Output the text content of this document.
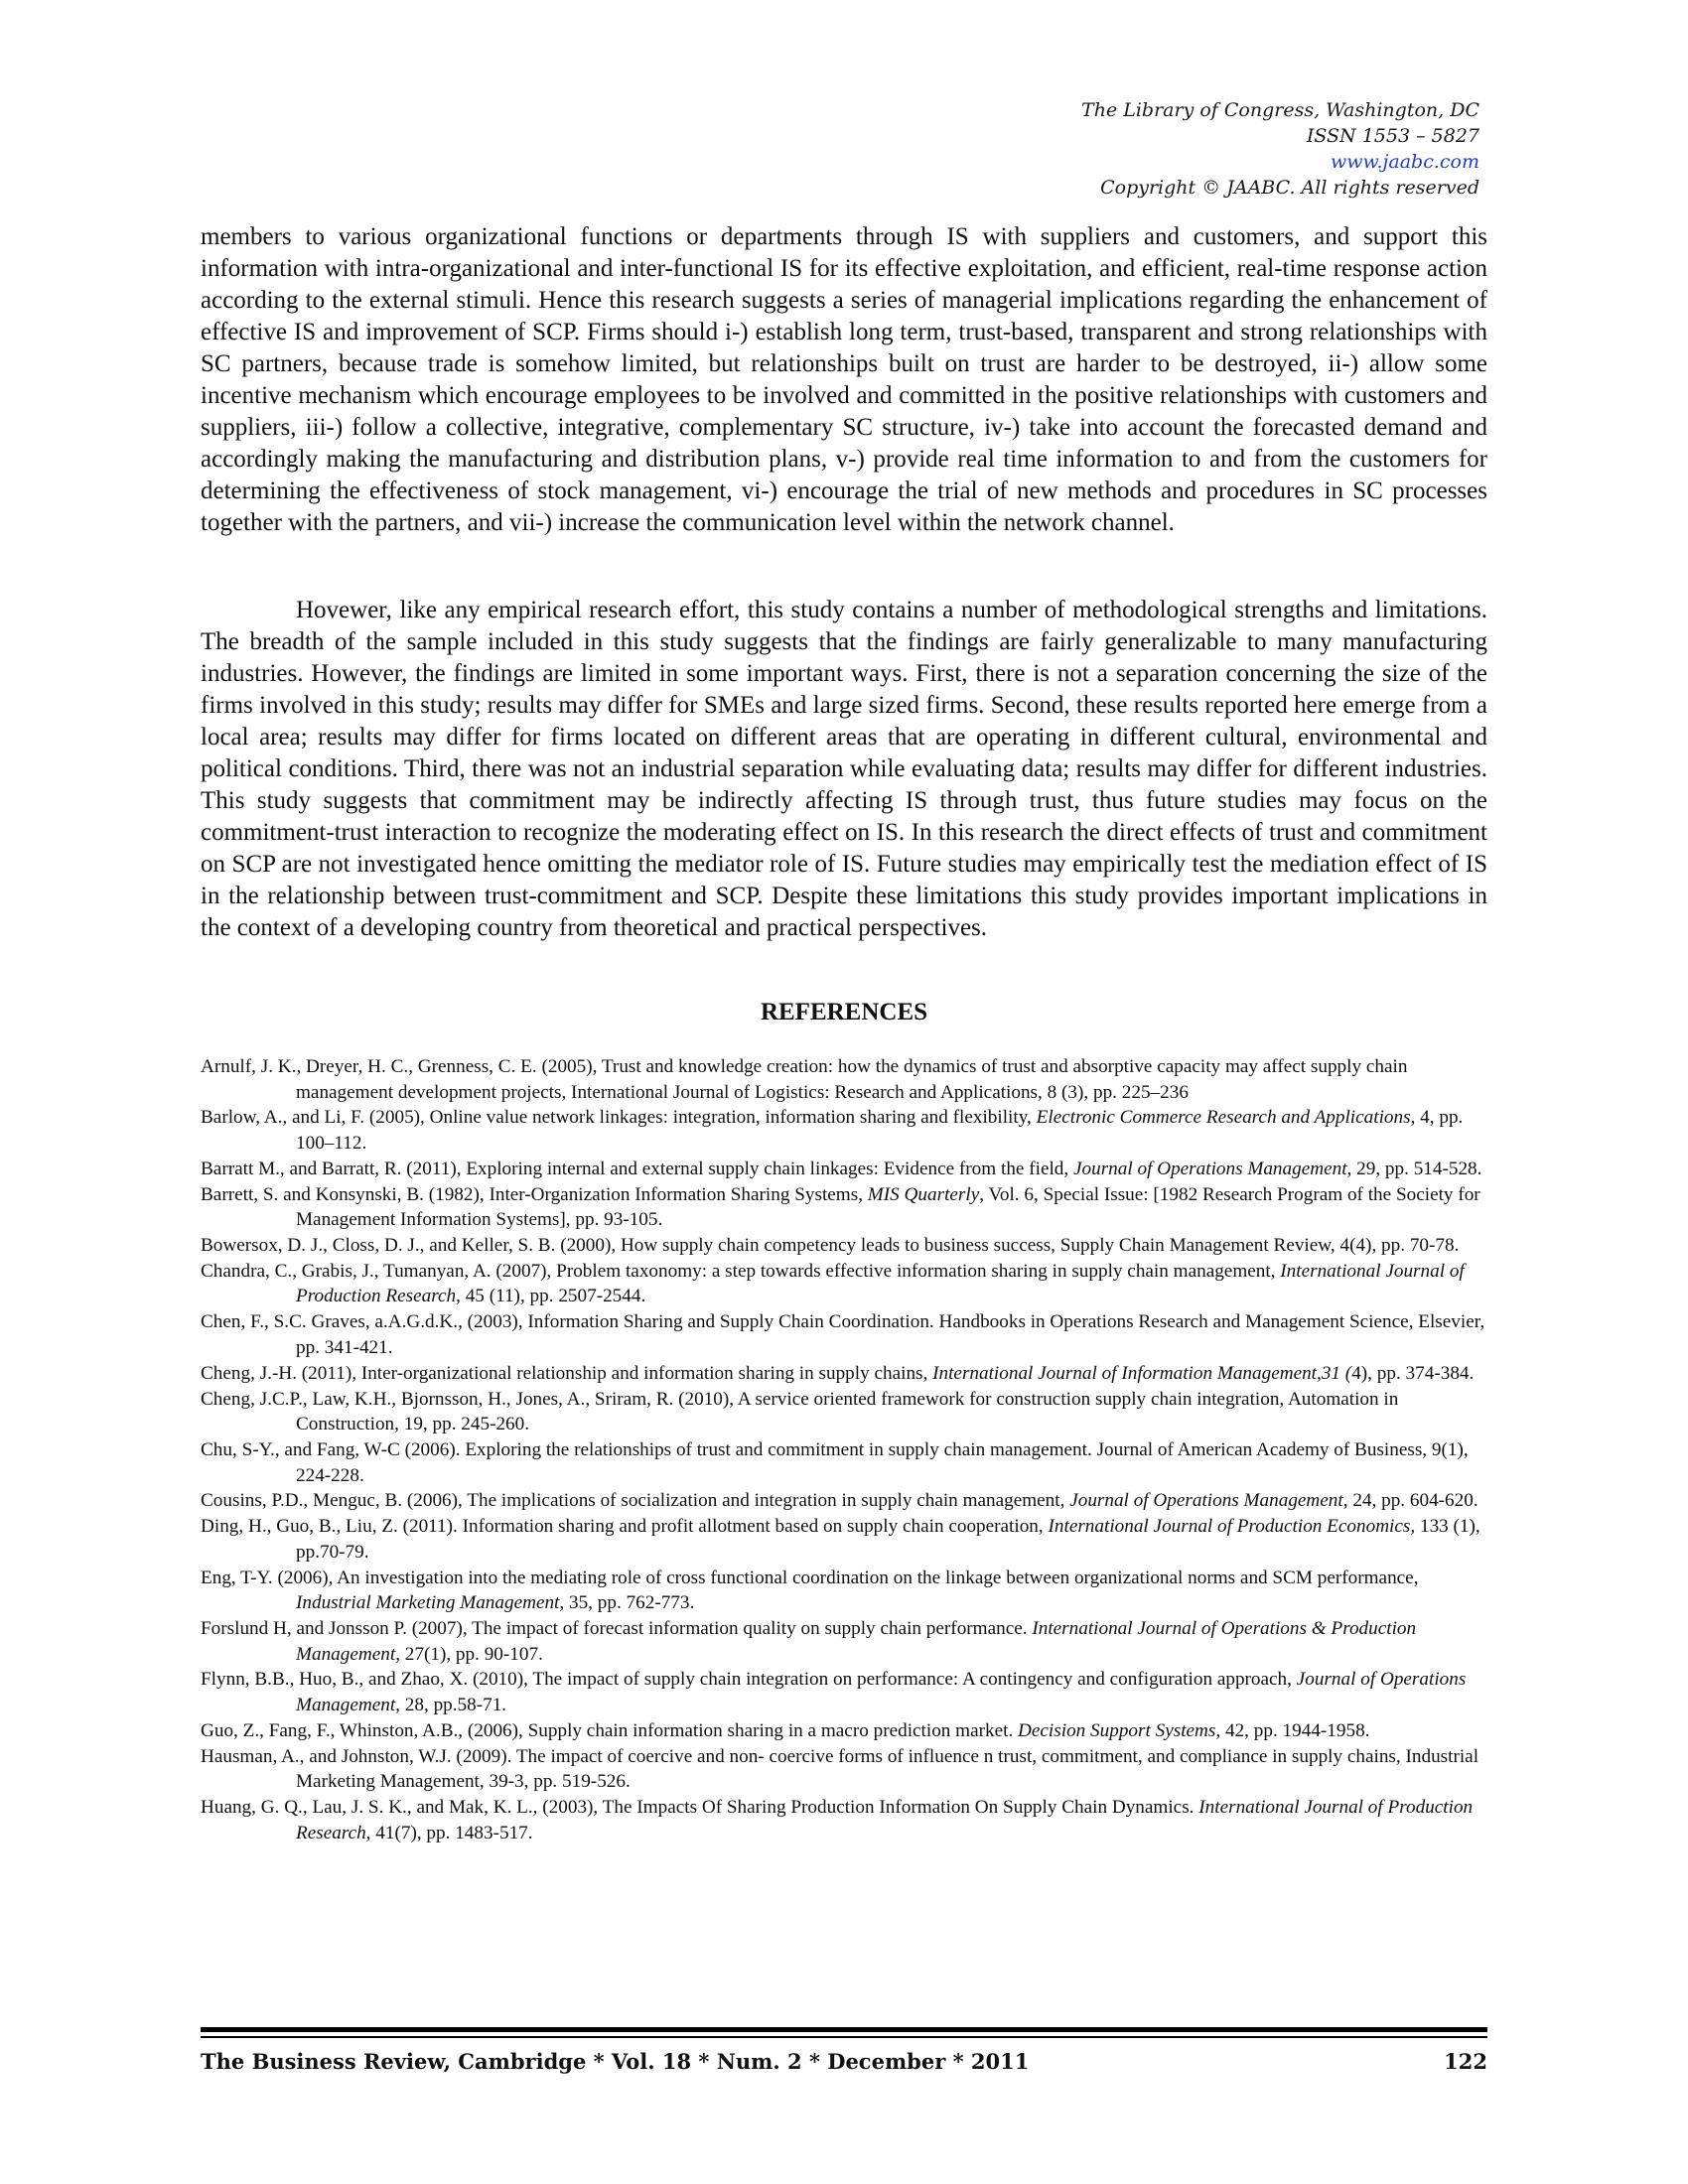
The Library of Congress, Washington, DC
ISSN 1553 – 5827
www.jaabc.com
Copyright © JAABC. All rights reserved
members to various organizational functions or departments through IS with suppliers and customers, and support this information with intra-organizational and inter-functional IS for its effective exploitation, and efficient, real-time response action according to the external stimuli. Hence this research suggests a series of managerial implications regarding the enhancement of effective IS and improvement of SCP. Firms should i-) establish long term, trust-based, transparent and strong relationships with SC partners, because trade is somehow limited, but relationships built on trust are harder to be destroyed, ii-) allow some incentive mechanism which encourage employees to be involved and committed in the positive relationships with customers and suppliers, iii-) follow a collective, integrative, complementary SC structure, iv-) take into account the forecasted demand and accordingly making the manufacturing and distribution plans, v-) provide real time information to and from the customers for determining the effectiveness of stock management, vi-) encourage the trial of new methods and procedures in SC processes together with the partners, and vii-) increase the communication level within the network channel.
Hovewer, like any empirical research effort, this study contains a number of methodological strengths and limitations. The breadth of the sample included in this study suggests that the findings are fairly generalizable to many manufacturing industries. However, the findings are limited in some important ways. First, there is not a separation concerning the size of the firms involved in this study; results may differ for SMEs and large sized firms. Second, these results reported here emerge from a local area; results may differ for firms located on different areas that are operating in different cultural, environmental and political conditions. Third, there was not an industrial separation while evaluating data; results may differ for different industries. This study suggests that commitment may be indirectly affecting IS through trust, thus future studies may focus on the commitment-trust interaction to recognize the moderating effect on IS. In this research the direct effects of trust and commitment on SCP are not investigated hence omitting the mediator role of IS. Future studies may empirically test the mediation effect of IS in the relationship between trust-commitment and SCP. Despite these limitations this study provides important implications in the context of a developing country from theoretical and practical perspectives.
REFERENCES
Arnulf, J. K., Dreyer, H. C., Grenness, C. E. (2005), Trust and knowledge creation: how the dynamics of trust and absorptive capacity may affect supply chain management development projects, International Journal of Logistics: Research and Applications, 8 (3), pp. 225–236
Barlow, A., and Li, F. (2005), Online value network linkages: integration, information sharing and flexibility, Electronic Commerce Research and Applications, 4, pp. 100–112.
Barratt M., and Barratt, R. (2011), Exploring internal and external supply chain linkages: Evidence from the field, Journal of Operations Management, 29, pp. 514-528.
Barrett, S. and Konsynski, B. (1982), Inter-Organization Information Sharing Systems, MIS Quarterly, Vol. 6, Special Issue: [1982 Research Program of the Society for Management Information Systems], pp. 93-105.
Bowersox, D. J., Closs, D. J., and Keller, S. B. (2000), How supply chain competency leads to business success, Supply Chain Management Review, 4(4), pp. 70-78.
Chandra, C., Grabis, J., Tumanyan, A. (2007), Problem taxonomy: a step towards effective information sharing in supply chain management, International Journal of Production Research, 45 (11), pp. 2507-2544.
Chen, F., S.C. Graves, a.A.G.d.K., (2003), Information Sharing and Supply Chain Coordination. Handbooks in Operations Research and Management Science, Elsevier, pp. 341-421.
Cheng, J.-H. (2011), Inter-organizational relationship and information sharing in supply chains, International Journal of Information Management,31 (4), pp. 374-384.
Cheng, J.C.P., Law, K.H., Bjornsson, H., Jones, A., Sriram, R. (2010), A service oriented framework for construction supply chain integration, Automation in Construction, 19, pp. 245-260.
Chu, S-Y., and Fang, W-C (2006). Exploring the relationships of trust and commitment in supply chain management. Journal of American Academy of Business, 9(1), 224-228.
Cousins, P.D., Menguc, B. (2006), The implications of socialization and integration in supply chain management, Journal of Operations Management, 24, pp. 604-620.
Ding, H., Guo, B., Liu, Z. (2011). Information sharing and profit allotment based on supply chain cooperation, International Journal of Production Economics, 133 (1), pp.70-79.
Eng, T-Y. (2006), An investigation into the mediating role of cross functional coordination on the linkage between organizational norms and SCM performance, Industrial Marketing Management, 35, pp. 762-773.
Forslund H, and Jonsson P. (2007), The impact of forecast information quality on supply chain performance. International Journal of Operations & Production Management, 27(1), pp. 90-107.
Flynn, B.B., Huo, B., and Zhao, X. (2010), The impact of supply chain integration on performance: A contingency and configuration approach, Journal of Operations Management, 28, pp.58-71.
Guo, Z., Fang, F., Whinston, A.B., (2006), Supply chain information sharing in a macro prediction market. Decision Support Systems, 42, pp. 1944-1958.
Hausman, A., and Johnston, W.J. (2009). The impact of coercive and non- coercive forms of influence n trust, commitment, and compliance in supply chains, Industrial Marketing Management, 39-3, pp. 519-526.
Huang, G. Q., Lau, J. S. K., and Mak, K. L., (2003), The Impacts Of Sharing Production Information On Supply Chain Dynamics. International Journal of Production Research, 41(7), pp. 1483-517.
The Business Review, Cambridge * Vol. 18 * Num. 2 * December * 2011	122
